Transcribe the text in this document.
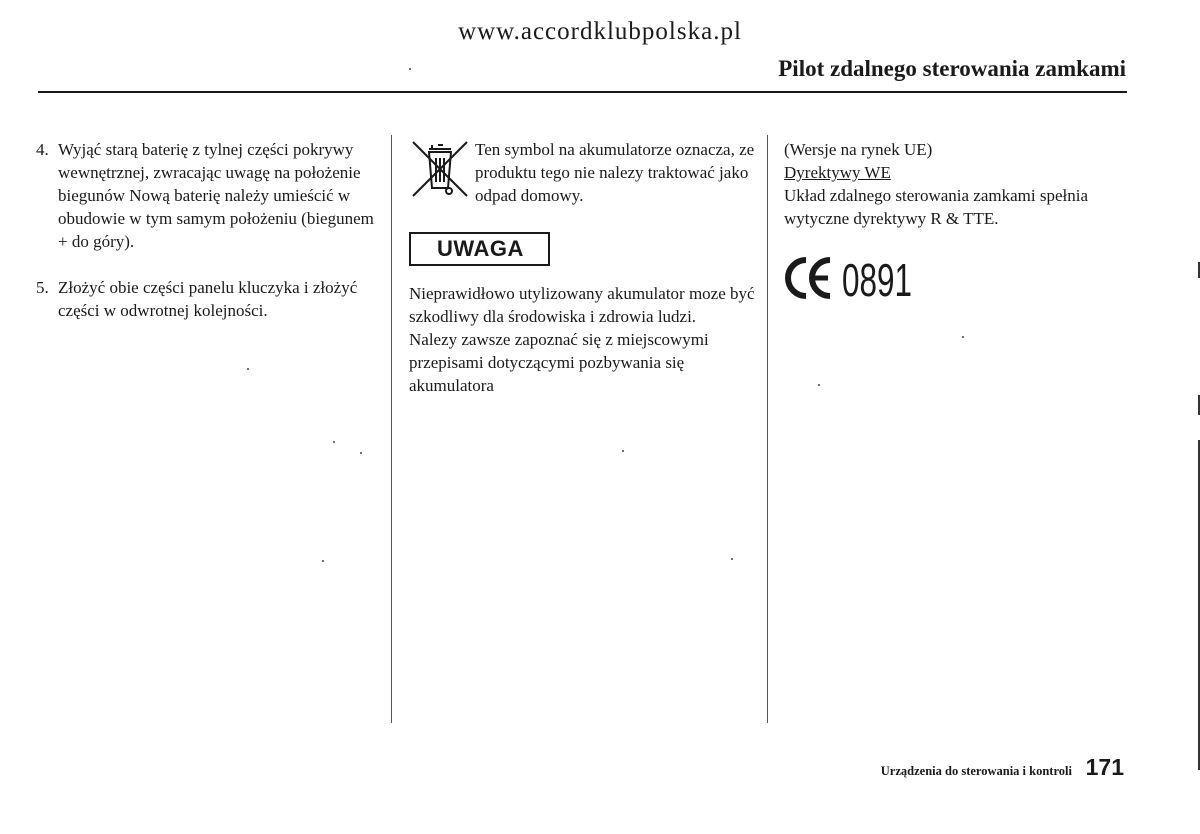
www.accordklubpolska.pl
Pilot zdalnego sterowania zamkami
4. Wyjąć starą baterię z tylnej części pokrywy wewnętrznej, zwracając uwagę na położenie biegunów Nową baterię należy umieścić w obudowie w tym samym położeniu (biegunem + do góry).
5. Złożyć obie części panelu kluczyka i złożyć części w odwrotnej kolejności.
Ten symbol na akumulatorze oznacza, ze produktu tego nie nalezy traktować jako odpad domowy.
UWAGA

Nieprawidłowo utylizowany akumulator moze być szkodliwy dla środowiska i zdrowia ludzi.

Nalezy zawsze zapoznać się z miejscowymi przepisami dotyczącymi pozbywania się akumulatora

(Wersje na rynek UE)
Dyrektywy WE
Układ zdalnego sterowania zamkami spełnia wytyczne dyrektywy R & TTE.
0891
Urządzenia do sterowania i kontroli 171
